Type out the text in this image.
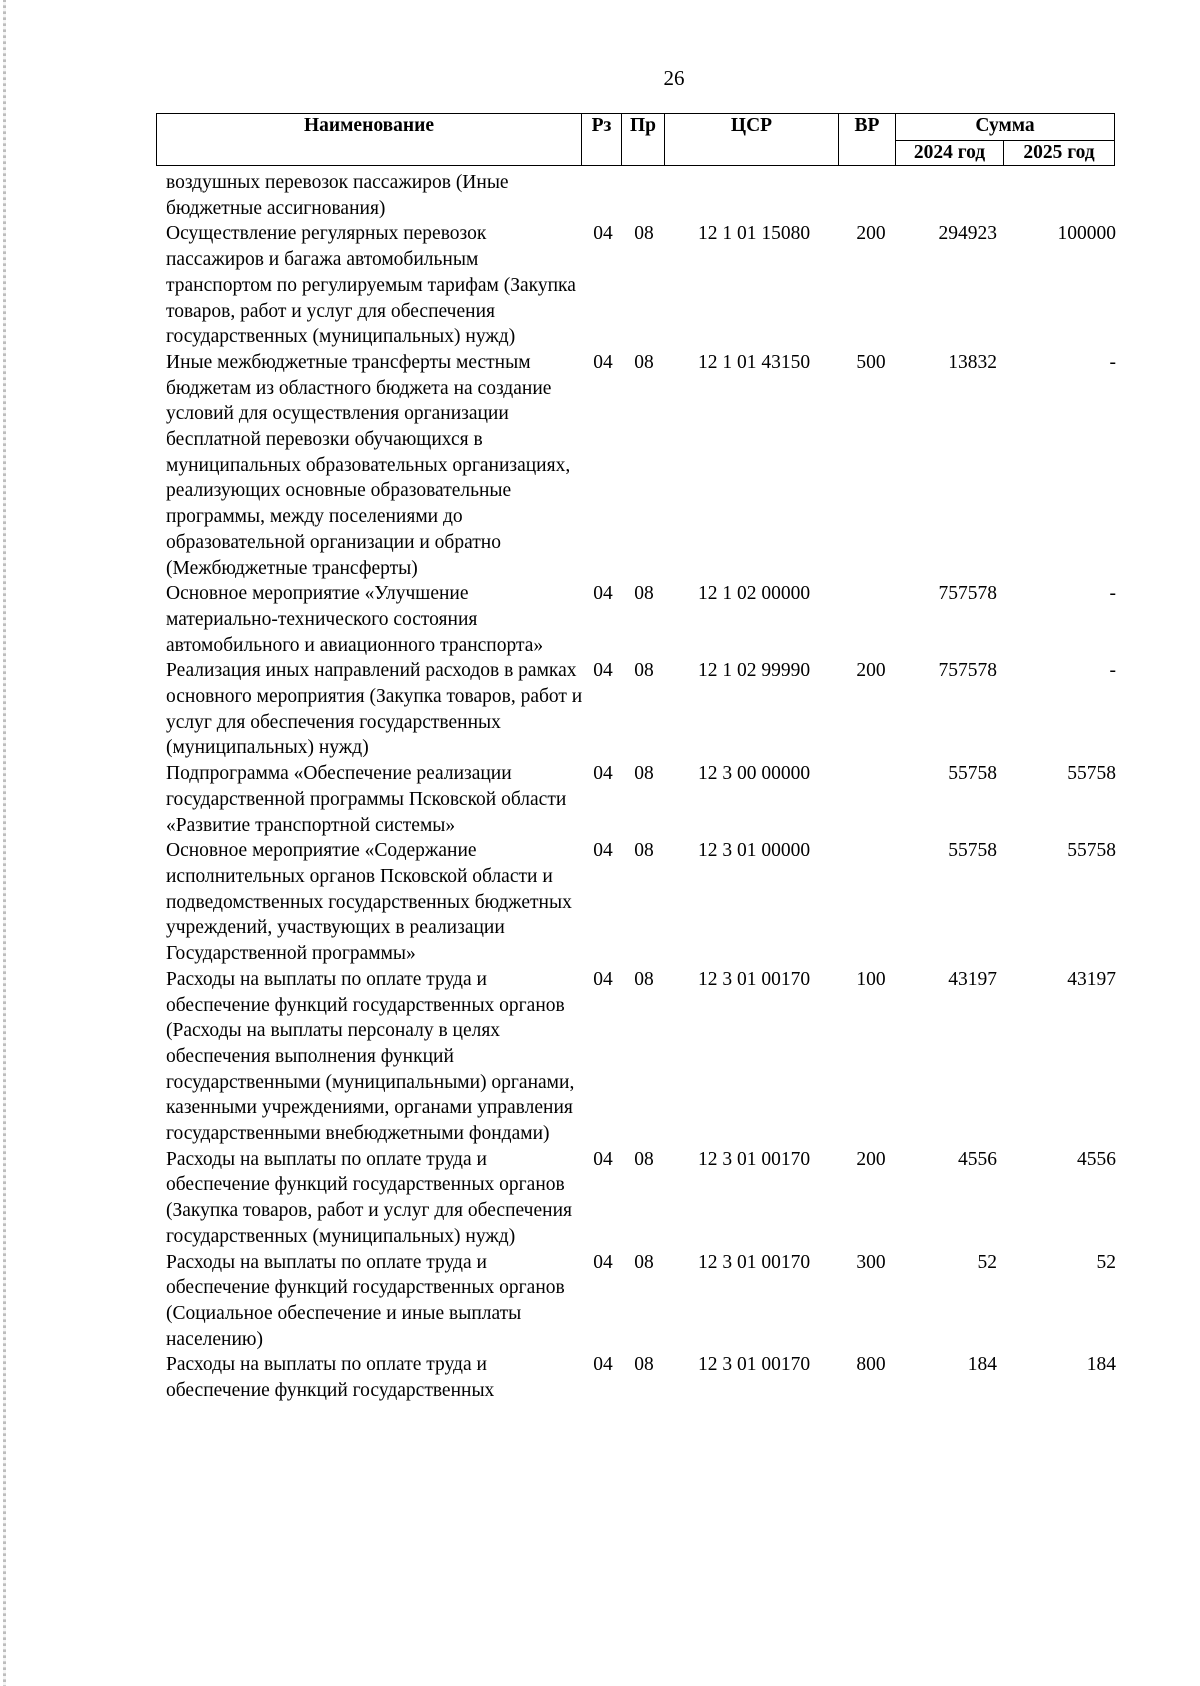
26
Наименование	Рз	Пр	ЦСР	ВР	Сумма	
					2024 год	2025 год
воздушных перевозок пассажиров (Иные бюджетные ассигнования)						
Осуществление регулярных перевозок пассажиров и багажа автомобильным транспортом по регулируемым тарифам (Закупка товаров, работ и услуг для обеспечения государственных (муниципальных) нужд)	04	08	12 1 01 15080	200	294923	100000
Иные межбюджетные трансферты местным бюджетам из областного бюджета на создание условий для осуществления организации бесплатной перевозки обучающихся в муниципальных образовательных организациях, реализующих основные образовательные программы, между поселениями до образовательной организации и обратно (Межбюджетные трансферты)	04	08	12 1 01 43150	500	13832	-
Основное мероприятие «Улучшение материально-технического состояния автомобильного и авиационного транспорта»	04	08	12 1 02 00000		757578	-
Реализация иных направлений расходов в рамках основного мероприятия (Закупка товаров, работ и услуг для обеспечения государственных (муниципальных) нужд)	04	08	12 1 02 99990	200	757578	-
Подпрограмма «Обеспечение реализации государственной программы Псковской области «Развитие транспортной системы»	04	08	12 3 00 00000		55758	55758
Основное мероприятие «Содержание исполнительных органов Псковской области и подведомственных государственных бюджетных учреждений, участвующих в реализации Государственной программы»	04	08	12 3 01 00000		55758	55758
Расходы на выплаты по оплате труда и обеспечение функций государственных органов (Расходы на выплаты персоналу в целях обеспечения выполнения функций государственными (муниципальными) органами, казенными учреждениями, органами управления государственными внебюджетными фондами)	04	08	12 3 01 00170	100	43197	43197
Расходы на выплаты по оплате труда и обеспечение функций государственных органов (Закупка товаров, работ и услуг для обеспечения государственных (муниципальных) нужд)	04	08	12 3 01 00170	200	4556	4556
Расходы на выплаты по оплате труда и обеспечение функций государственных органов (Социальное обеспечение и иные выплаты населению)	04	08	12 3 01 00170	300	52	52
Расходы на выплаты по оплате труда и обеспечение функций государственных	04	08	12 3 01 00170	800	184	184
